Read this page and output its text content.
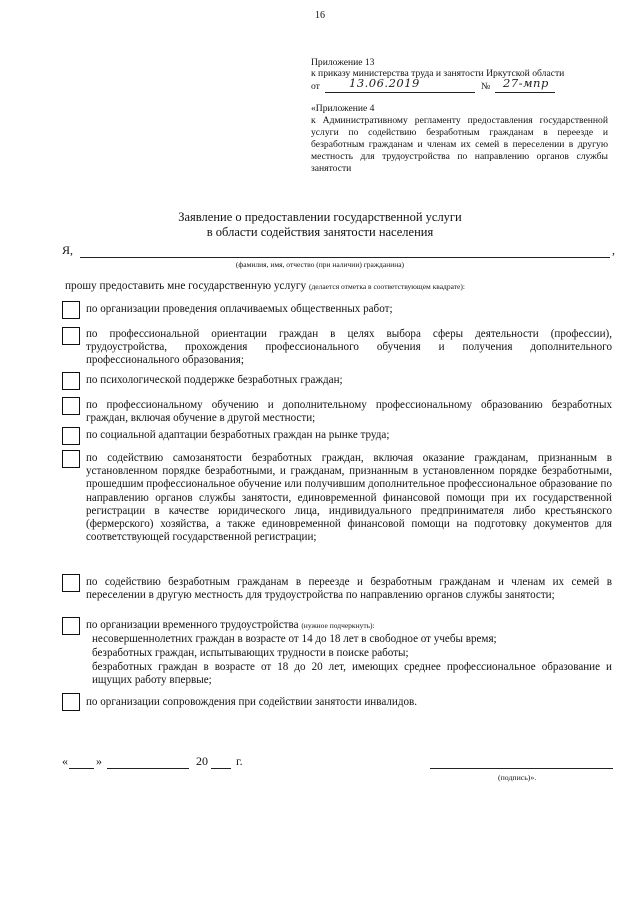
16
Приложение 13
к приказу министерства труда и занятости Иркутской области
от	13.06.2019	№ 27-мпр
«Приложение 4
к Административному регламенту предоставления государственной услуги по содействию безработным гражданам в переезде и безработным гражданам и членам их семей в переселении в другую местность для трудоустройства по направлению органов службы занятости
Заявление о предоставлении государственной услуги
в области содействия занятости населения
Я,	,
(фамилия, имя, отчество (при наличии) гражданина)
прошу предоставить мне государственную услугу (делается отметка в соответствующем квадрате):
по организации проведения оплачиваемых общественных работ;
по профессиональной ориентации граждан в целях выбора сферы деятельности (профессии), трудоустройства, прохождения профессионального обучения и получения дополнительного профессионального образования;
по психологической поддержке безработных граждан;
по профессиональному обучению и дополнительному профессиональному образованию безработных граждан, включая обучение в другой местности;
по социальной адаптации безработных граждан на рынке труда;
по содействию самозанятости безработных граждан, включая оказание гражданам, признанным в установленном порядке безработными, и гражданам, признанным в установленном порядке безработными, прошедшим профессиональное обучение или получившим дополнительное профессиональное образование по направлению органов службы занятости, единовременной финансовой помощи при их государственной регистрации в качестве юридического лица, индивидуального предпринимателя либо крестьянского (фермерского) хозяйства, а также единовременной финансовой помощи на подготовку документов для соответствующей государственной регистрации;
по содействию безработным гражданам в переезде и безработным гражданам и членам их семей в переселении в другую местность для трудоустройства по направлению органов службы занятости;
по организации временного трудоустройства (нужное подчеркнуть):
несовершеннолетних граждан в возрасте от 14 до 18 лет в свободное от учебы время;
безработных граждан, испытывающих трудности в поиске работы;
безработных граждан в возрасте от 18 до 20 лет, имеющих среднее профессиональное образование и ищущих работу впервые;
по организации сопровождения при содействии занятости инвалидов.
« »	20 г.
(подпись)».
